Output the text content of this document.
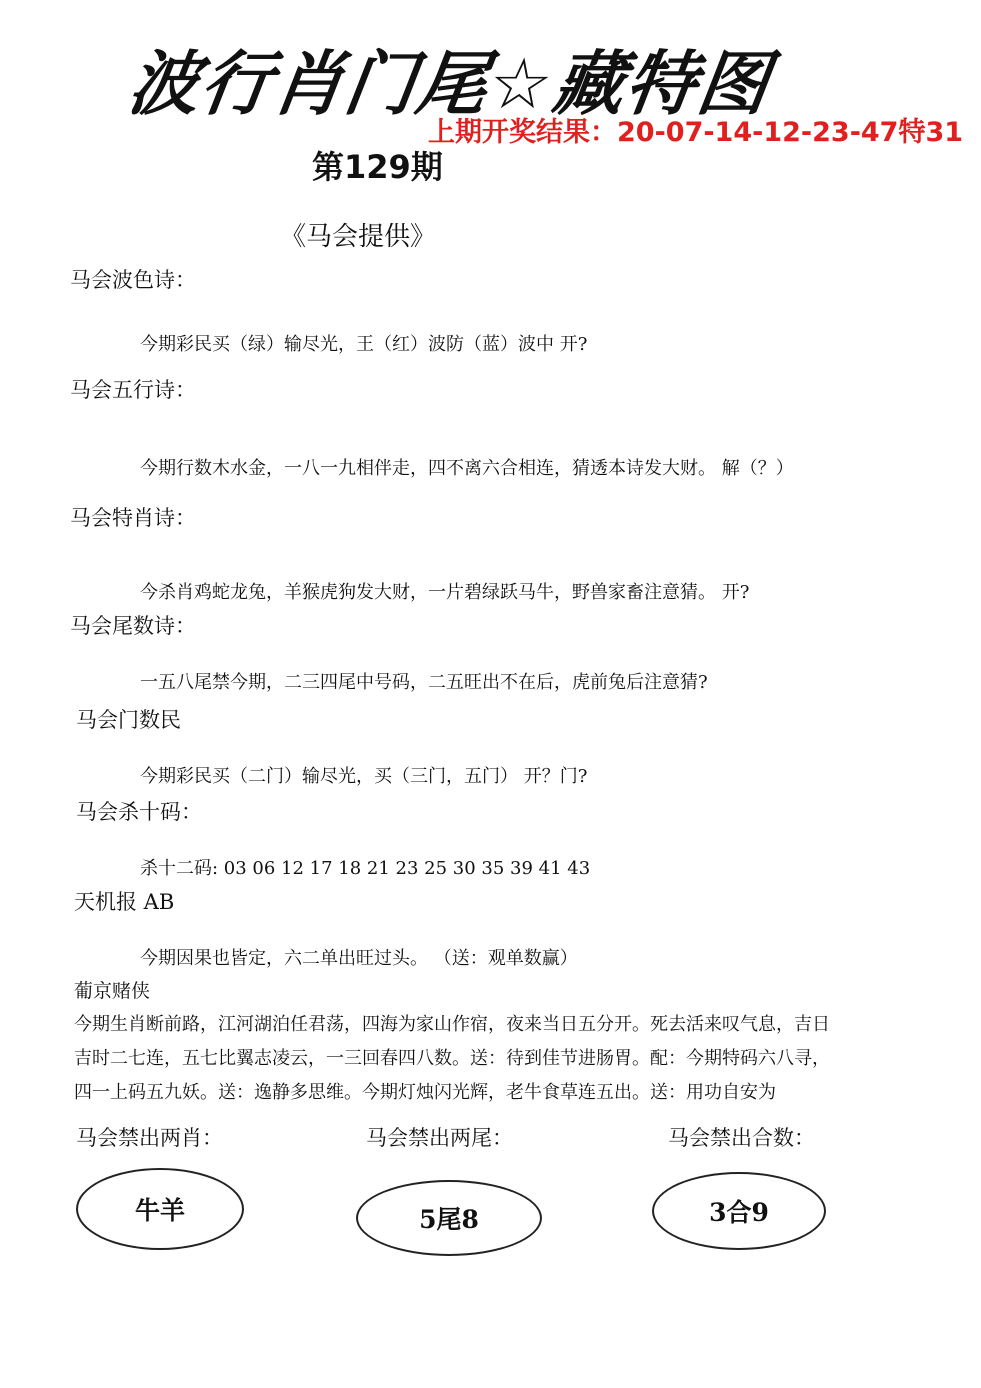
波行肖门尾☆藏特图
上期开奖结果：20-07-14-12-23-47特31
第129期
《马会提供》
马会波色诗：
今期彩民买（绿）输尽光，王（红）波防（蓝）波中 开?
马会五行诗：
今期行数木水金，一八一九相伴走，四不离六合相连，猜透本诗发大财。 解（？）
马会特肖诗：
今杀肖鸡蛇龙兔，羊猴虎狗发大财，一片碧绿跃马牛，野兽家畜注意猜。 开?
马会尾数诗：
一五八尾禁今期，二三四尾中号码，二五旺出不在后，虎前兔后注意猜?
马会门数民
今期彩民买（二门）输尽光，买（三门，五门） 开？门?
马会杀十码：
杀十二码: 03 06 12 17 18 21 23 25 30 35 39 41 43
天机报 AB
今期因果也皆定，六二单出旺过头。 （送：观单数赢）
葡京赌侠
今期生肖断前路，江河湖泊任君荡，四海为家山作宿，夜来当日五分开。死去活来叹气息，吉日
吉时二七连，五七比翼志凌云，一三回春四八数。送：待到佳节进肠胃。配：今期特码六八寻，
四一上码五九妖。送：逸静多思维。今期灯烛闪光辉，老牛食草连五出。送：用功自安为
马会禁出两肖：	马会禁出两尾：	马会禁出合数：
牛羊	5尾8	3合9
